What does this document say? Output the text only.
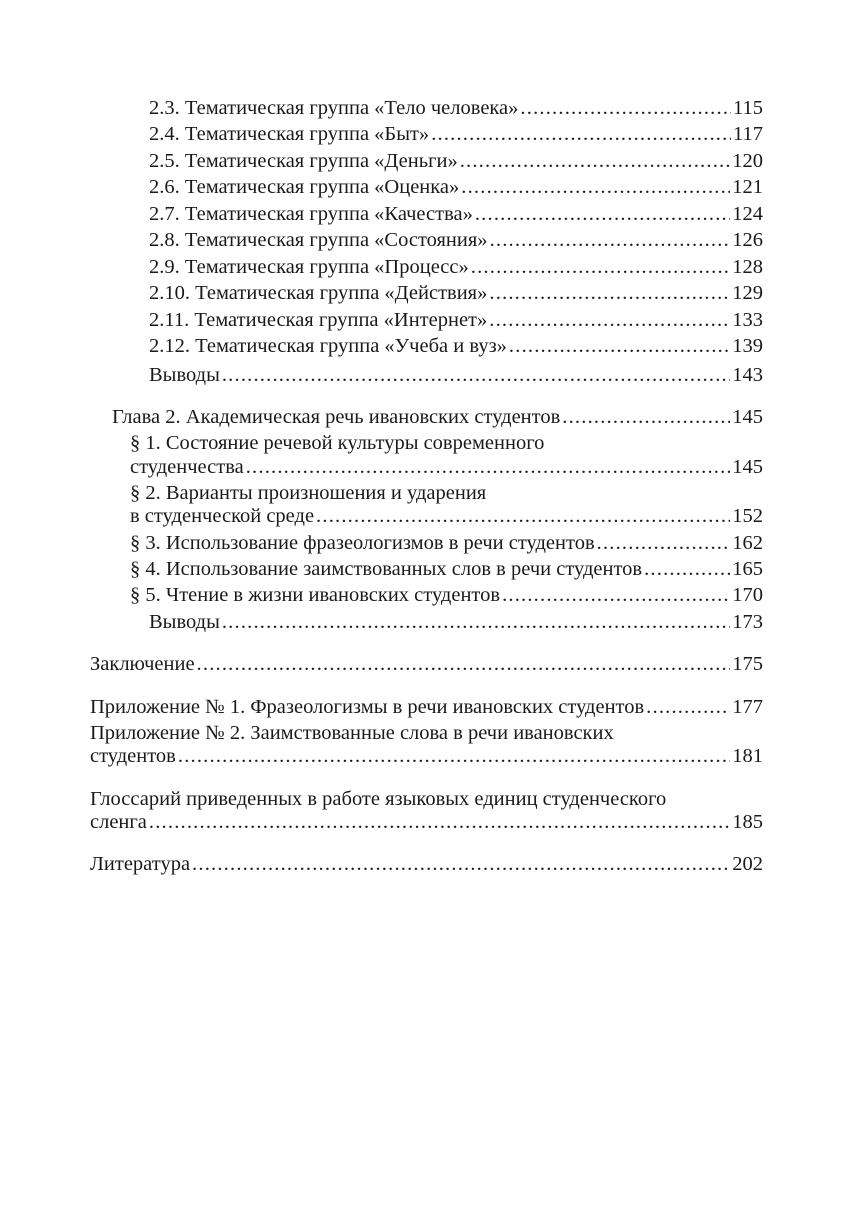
2.3. Тематическая группа «Тело человека» .....	115
2.4. Тематическая группа «Быт» .....	117
2.5. Тематическая группа «Деньги» .....	120
2.6. Тематическая группа «Оценка» .....	121
2.7. Тематическая группа «Качества» .....	124
2.8. Тематическая группа «Состояния» .....	126
2.9. Тематическая группа «Процесс» .....	128
2.10. Тематическая группа «Действия» .....	129
2.11. Тематическая группа «Интернет» .....	133
2.12. Тематическая группа «Учеба и вуз» .....	139
Выводы .....	143
Глава 2. Академическая речь ивановских студентов .....	145
§ 1. Состояние речевой культуры современного
студенчества .....	145
§ 2. Варианты произношения и ударения
в студенческой среде .....	152
§ 3. Использование фразеологизмов в речи студентов .....	162
§ 4. Использование заимствованных слов в речи студентов .....	165
§ 5. Чтение в жизни ивановских студентов .....	170
Выводы .....	173
Заключение .....	175
Приложение № 1. Фразеологизмы в речи ивановских студентов .....	177
Приложение № 2. Заимствованные слова в речи ивановских
студентов .....	181
Глоссарий приведенных в работе языковых единиц студенческого
сленга .....	185
Литература .....	202
